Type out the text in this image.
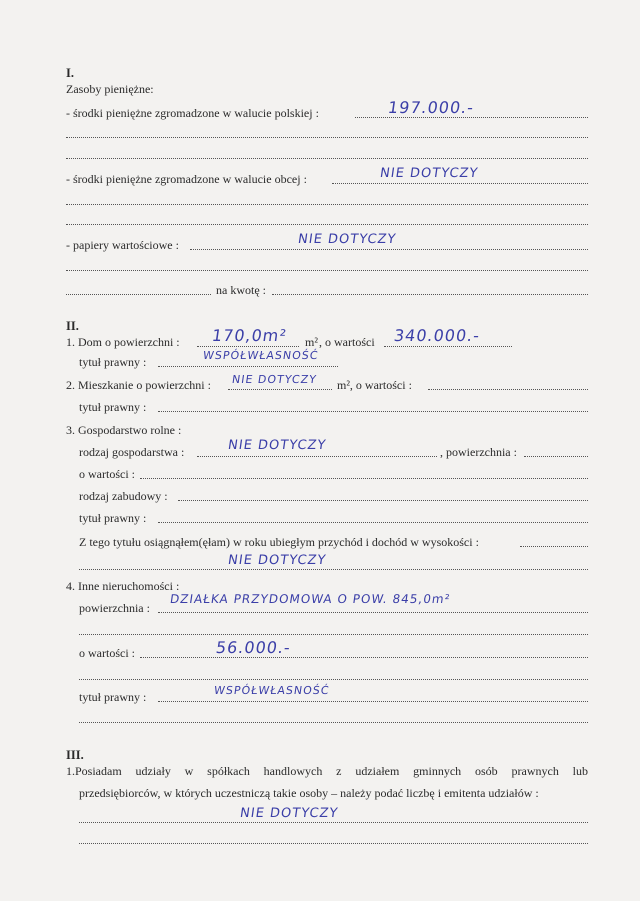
I.
Zasoby pieniężne:
- środki pieniężne zgromadzone w walucie polskiej :	197.000.-
- środki pieniężne zgromadzone w walucie obcej :	NIE DOTYCZY
- papiery wartościowe :	NIE DOTYCZY
na kwotę :
II.
1. Dom o powierzchni : 170,0m² m² , o wartości 340.000.-
tytuł prawny :	WSPÓŁWŁASNOŚĆ
2. Mieszkanie o powierzchni : NIE DOTYCZY m², o wartości :
tytuł prawny :
3. Gospodarstwo rolne :
rodzaj gospodarstwa :	NIE DOTYCZY	, powierzchnia :
o wartości :
rodzaj zabudowy :
tytuł prawny :
Z tego tytułu osiągnąłem(ęłam) w roku ubiegłym przychód i dochód w wysokości :
NIE DOTYCZY
4. Inne nieruchomości :
powierzchnia :
DZIAŁKA PRZYDOMOWA O POW. 845,0m²
o wartości :	56.000.-
tytuł prawny :	WSPÓŁWŁASNOŚĆ
III.
1.Posiadam udziały w spółkach handlowych z udziałem gminnych osób prawnych lub
przedsiębiorców, w których uczestniczą takie osoby – należy podać liczbę i emitenta udziałów :
NIE DOTYCZY
